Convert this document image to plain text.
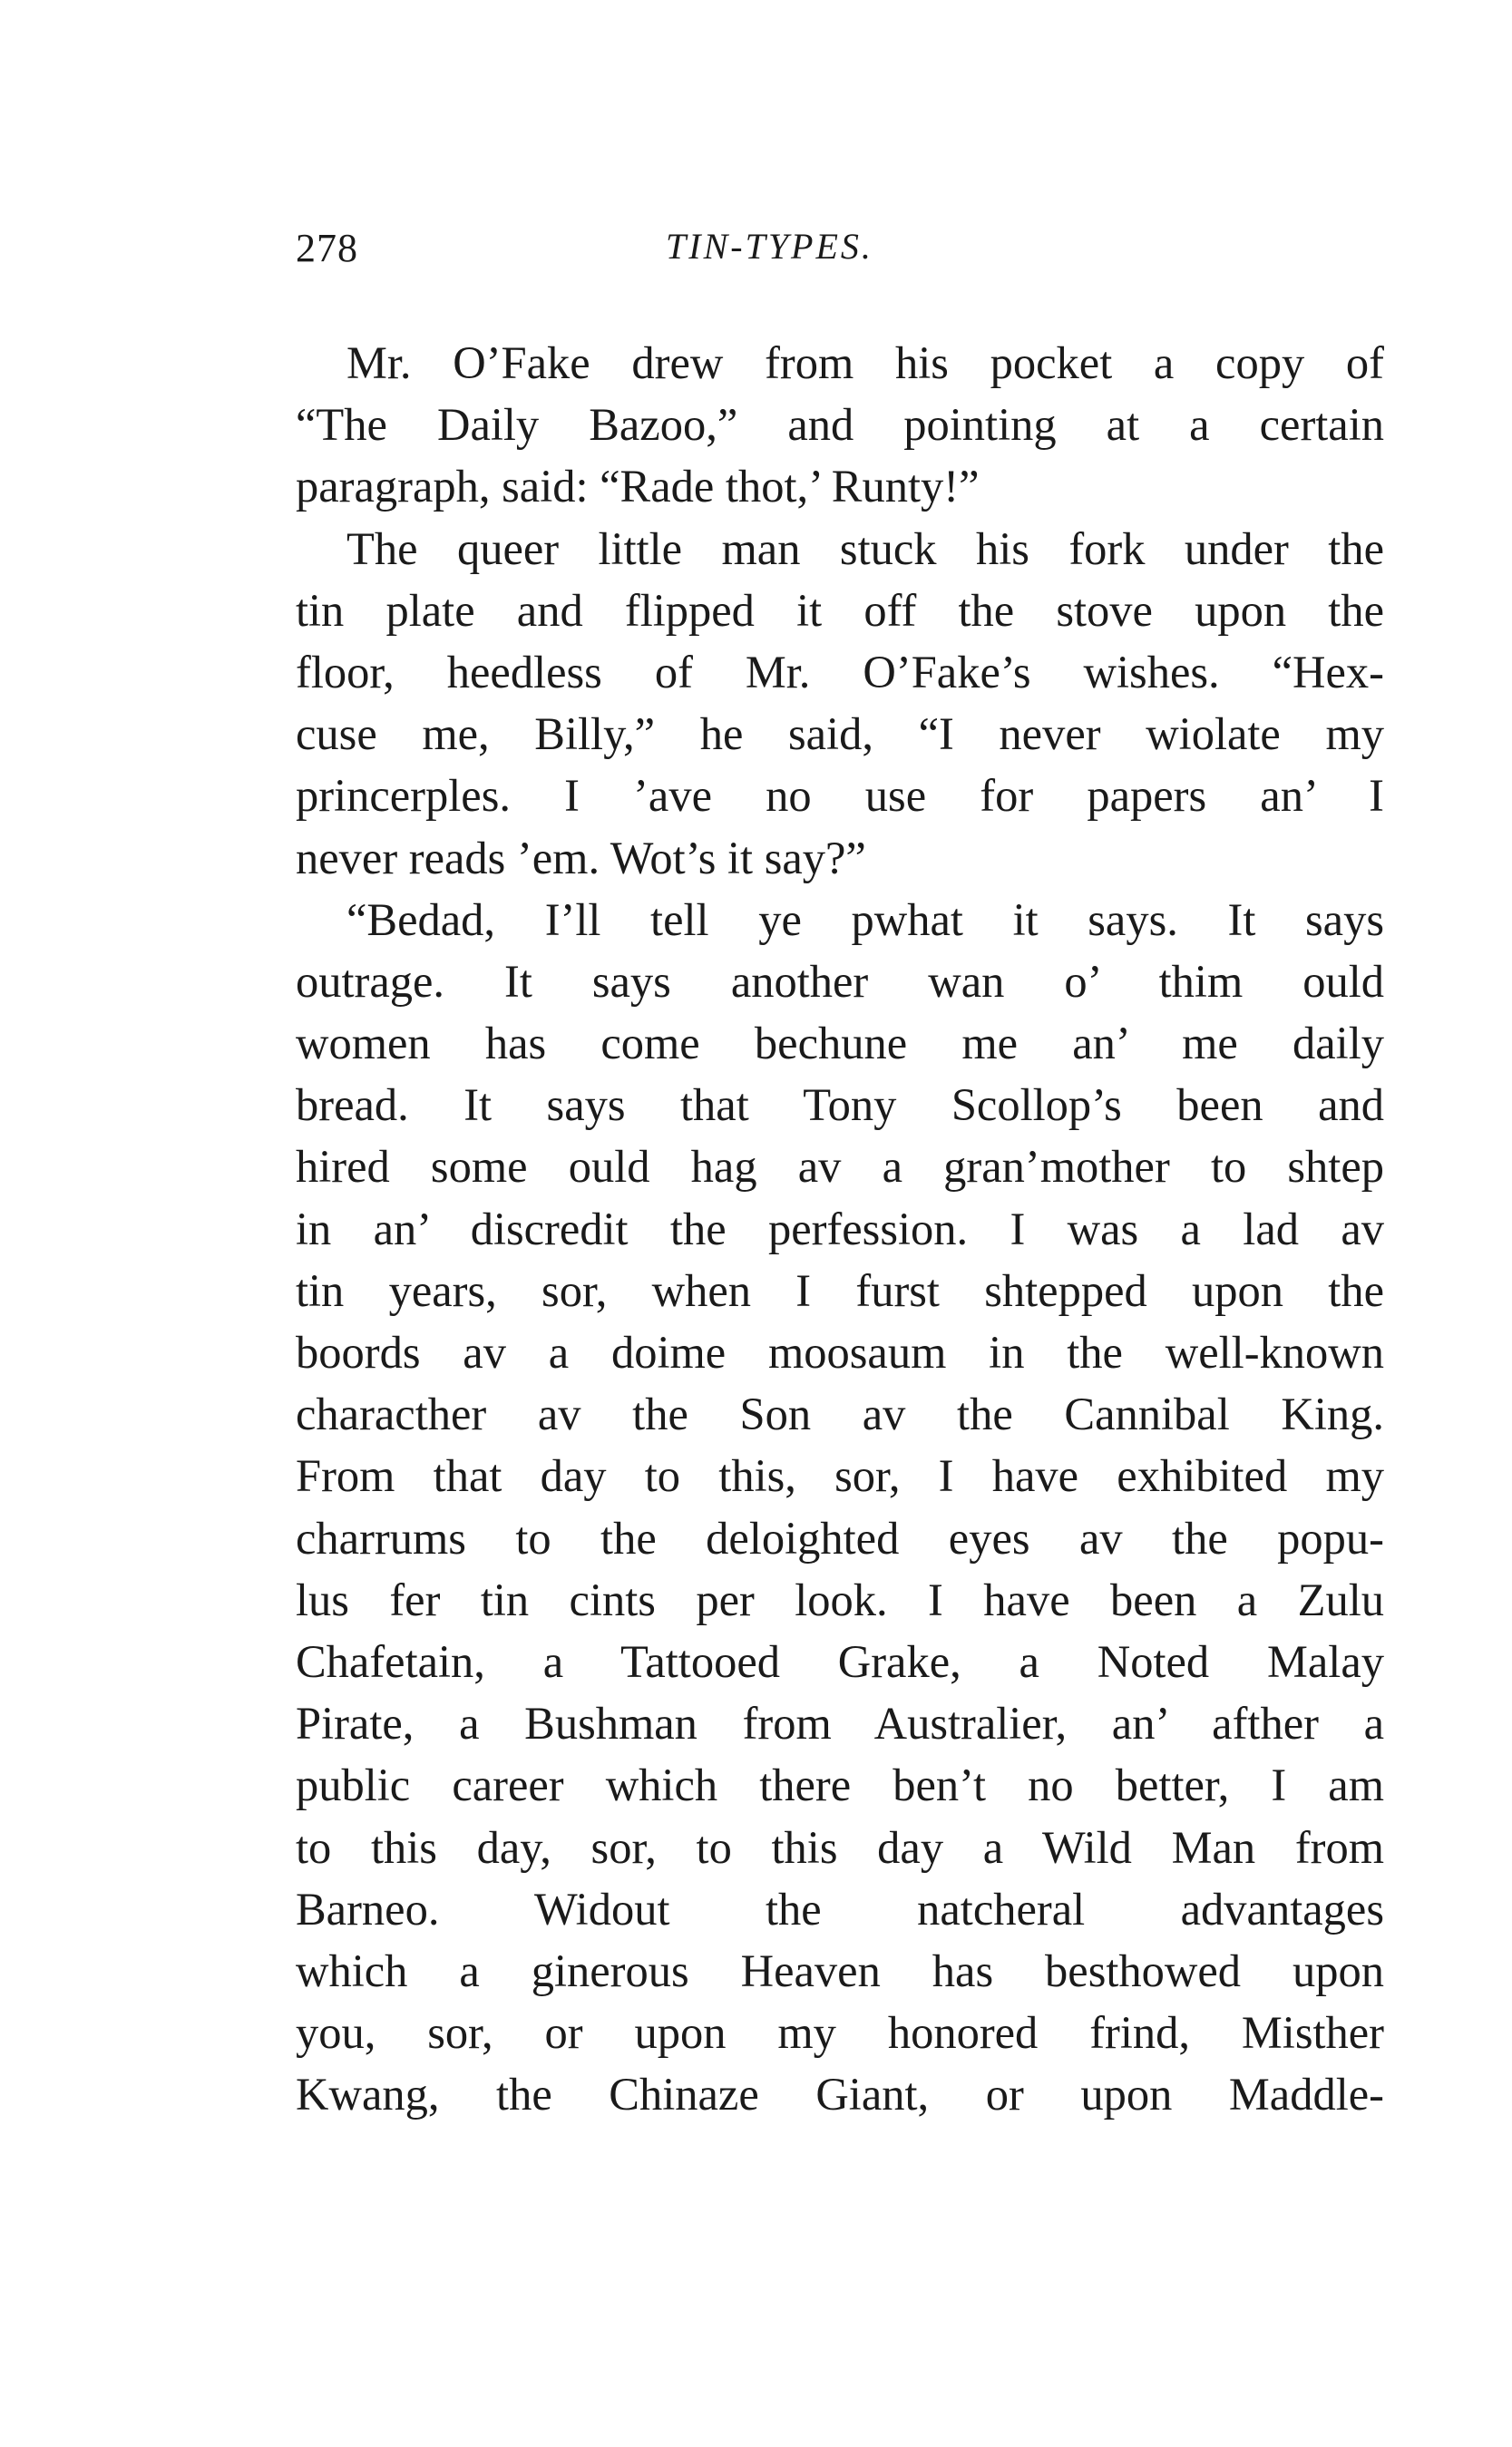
278	TIN-TYPES.
Mr. O’Fake drew from his pocket a copy of
“The Daily Bazoo,” and pointing at a certain
paragraph, said: “Rade thot,’ Runty!”
The queer little man stuck his fork under the
tin plate and flipped it off the stove upon the
floor, heedless of Mr. O’Fake’s wishes. “Hex-
cuse me, Billy,” he said, “I never wiolate my
princerples. I ’ave no use for papers an’ I
never reads ’em. Wot’s it say?”
“Bedad, I’ll tell ye pwhat it says. It says
outrage. It says another wan o’ thim ould
women has come bechune me an’ me daily
bread. It says that Tony Scollop’s been and
hired some ould hag av a gran’mother to shtep
in an’ discredit the perfession. I was a lad av
tin years, sor, when I furst shtepped upon the
boords av a doime moosaum in the well-known
characther av the Son av the Cannibal King.
From that day to this, sor, I have exhibited my
charrums to the deloighted eyes av the popu-
lus fer tin cints per look. I have been a Zulu
Chafetain, a Tattooed Grake, a Noted Malay
Pirate, a Bushman from Australier, an’ afther a
public career which there ben’t no better, I am
to this day, sor, to this day a Wild Man from
Barneo. Widout the natcheral advantages
which a ginerous Heaven has besthowed upon
you, sor, or upon my honored frind, Misther
Kwang, the Chinaze Giant, or upon Maddle-
